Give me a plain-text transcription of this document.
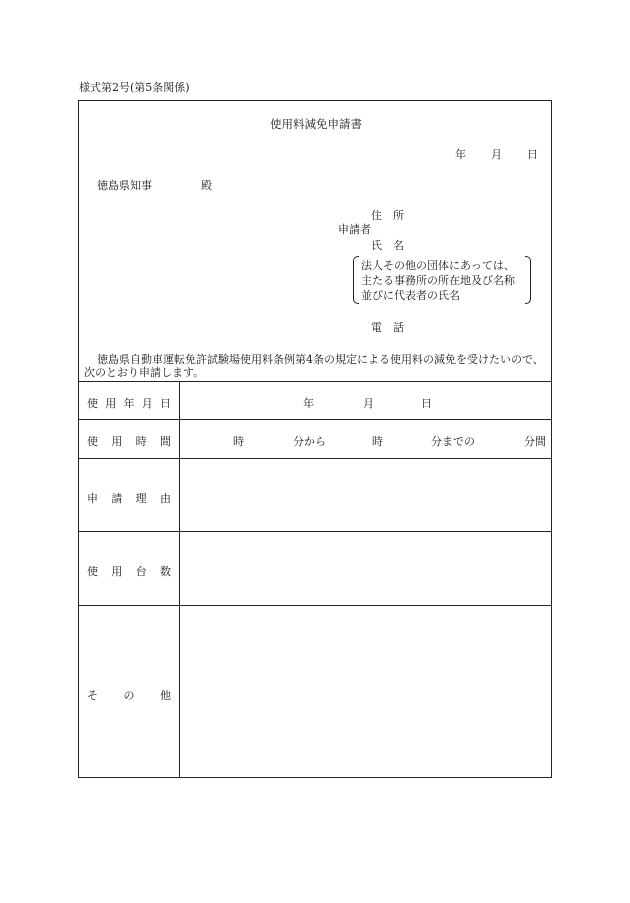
様式第2号(第5条関係)
使用料減免申請書
年 月 日
徳島県知事	殿
住　所
申請者
氏　名
法人その他の団体にあっては、
主たる事務所の所在地及び名称
並びに代表者の氏名
電　話
徳島県自動車運転免許試験場使用料条例第4条の規定による使用料の減免を受けたいので、次のとおり申請します。
使 用 年 月 日	年	月	日
使 用 時 間	時	分から	時	分までの	分間
申 請 理 由
使 用 台 数
そ の 他
